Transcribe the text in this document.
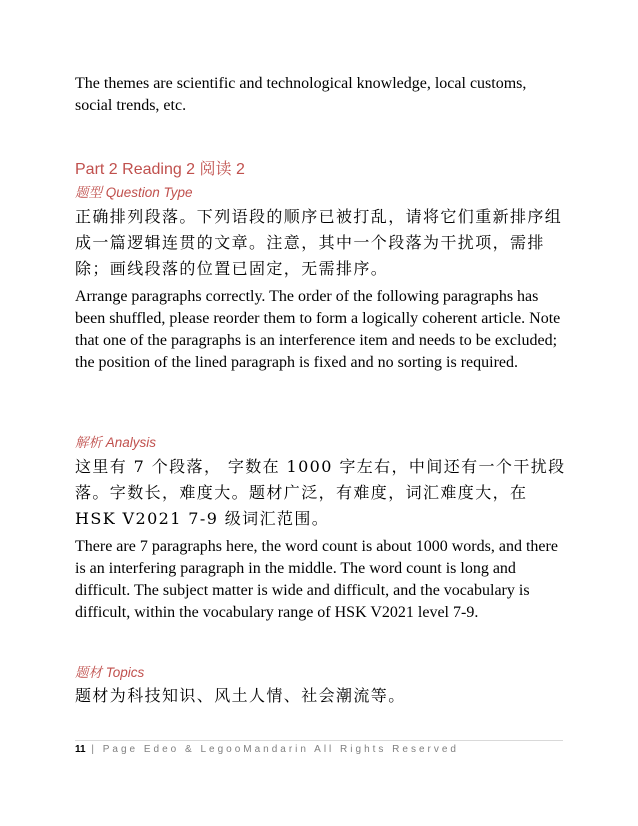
The themes are scientific and technological knowledge, local customs, social trends, etc.

Part 2 Reading 2 阅读 2

题型 Question Type

正确排列段落。下列语段的顺序已被打乱，请将它们重新排序组成一篇逻辑连贯的文章。注意，其中一个段落为干扰项，需排除；画线段落的位置已固定，无需排序。

Arrange paragraphs correctly. The order of the following paragraphs has been shuffled, please reorder them to form a logically coherent article. Note that one of the paragraphs is an interference item and needs to be excluded; the position of the lined paragraph is fixed and no sorting is required.

解析 Analysis

这里有 7 个段落， 字数在 1000 字左右，中间还有一个干扰段落。字数长，难度大。题材广泛，有难度，词汇难度大，在 HSK V2021 7-9 级词汇范围。

There are 7 paragraphs here, the word count is about 1000 words, and there is an interfering paragraph in the middle. The word count is long and difficult. The subject matter is wide and difficult, and the vocabulary is difficult, within the vocabulary range of HSK V2021 level 7-9.

题材 Topics

题材为科技知识、风土人情、社会潮流等。

11 | Page Edeo & LegooMandarin All Rights Reserved
